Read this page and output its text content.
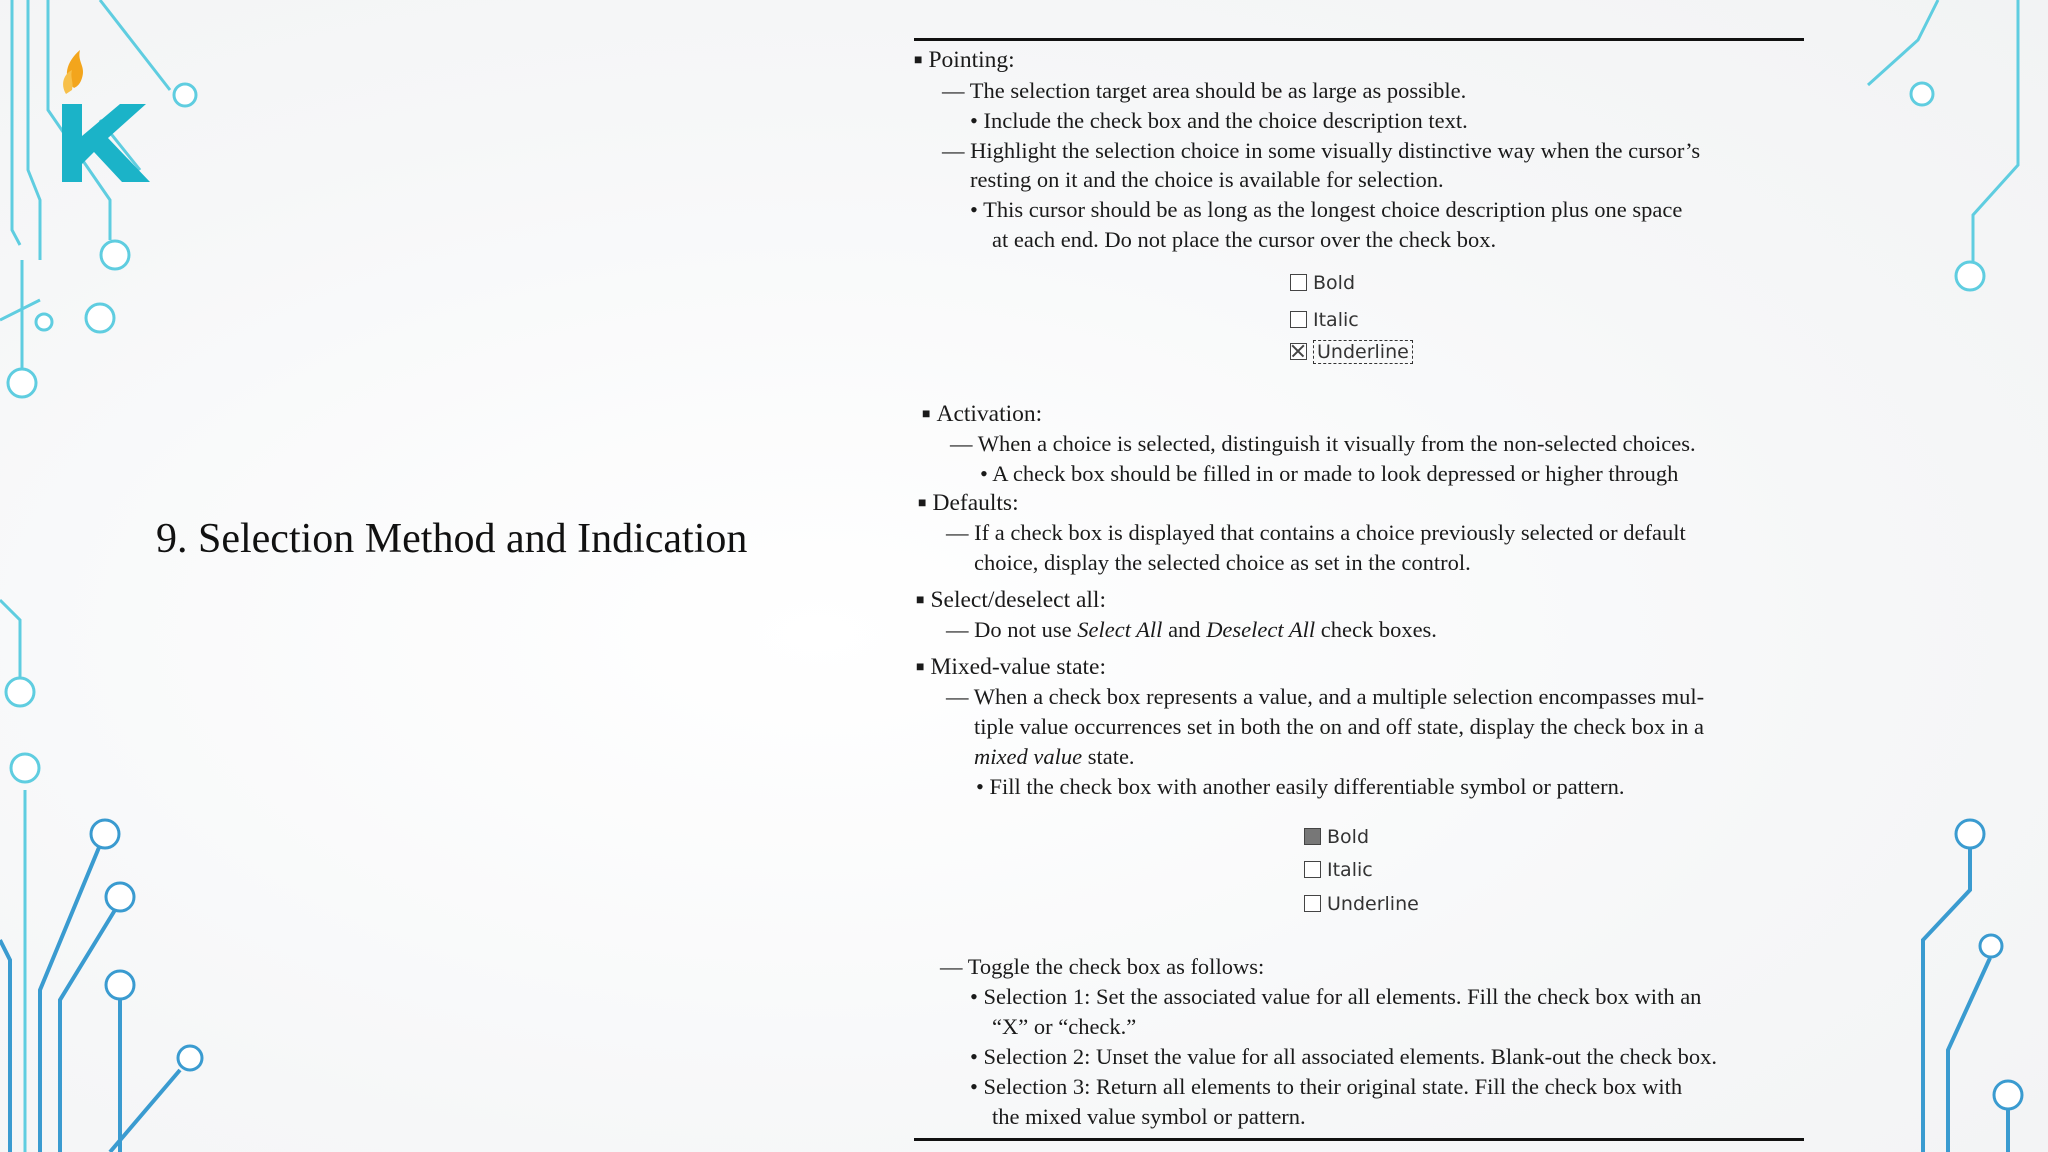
9. Selection Method and Indication
■ Pointing:
— The selection target area should be as large as possible.
• Include the check box and the choice description text.
— Highlight the selection choice in some visually distinctive way when the cursor’s
resting on it and the choice is available for selection.
• This cursor should be as long as the longest choice description plus one space
at each end. Do not place the cursor over the check box.
Bold
Italic
Underline
■ Activation:
— When a choice is selected, distinguish it visually from the non-selected choices.
• A check box should be filled in or made to look depressed or higher through
■ Defaults:
— If a check box is displayed that contains a choice previously selected or default
choice, display the selected choice as set in the control.
■ Select/deselect all:
— Do not use Select All and Deselect All check boxes.
■ Mixed-value state:
— When a check box represents a value, and a multiple selection encompasses mul-
tiple value occurrences set in both the on and off state, display the check box in a
mixed value state.
• Fill the check box with another easily differentiable symbol or pattern.
Bold
Italic
Underline
— Toggle the check box as follows:
• Selection 1: Set the associated value for all elements. Fill the check box with an
“X” or “check.”
• Selection 2: Unset the value for all associated elements. Blank-out the check box.
• Selection 3: Return all elements to their original state. Fill the check box with
the mixed value symbol or pattern.
